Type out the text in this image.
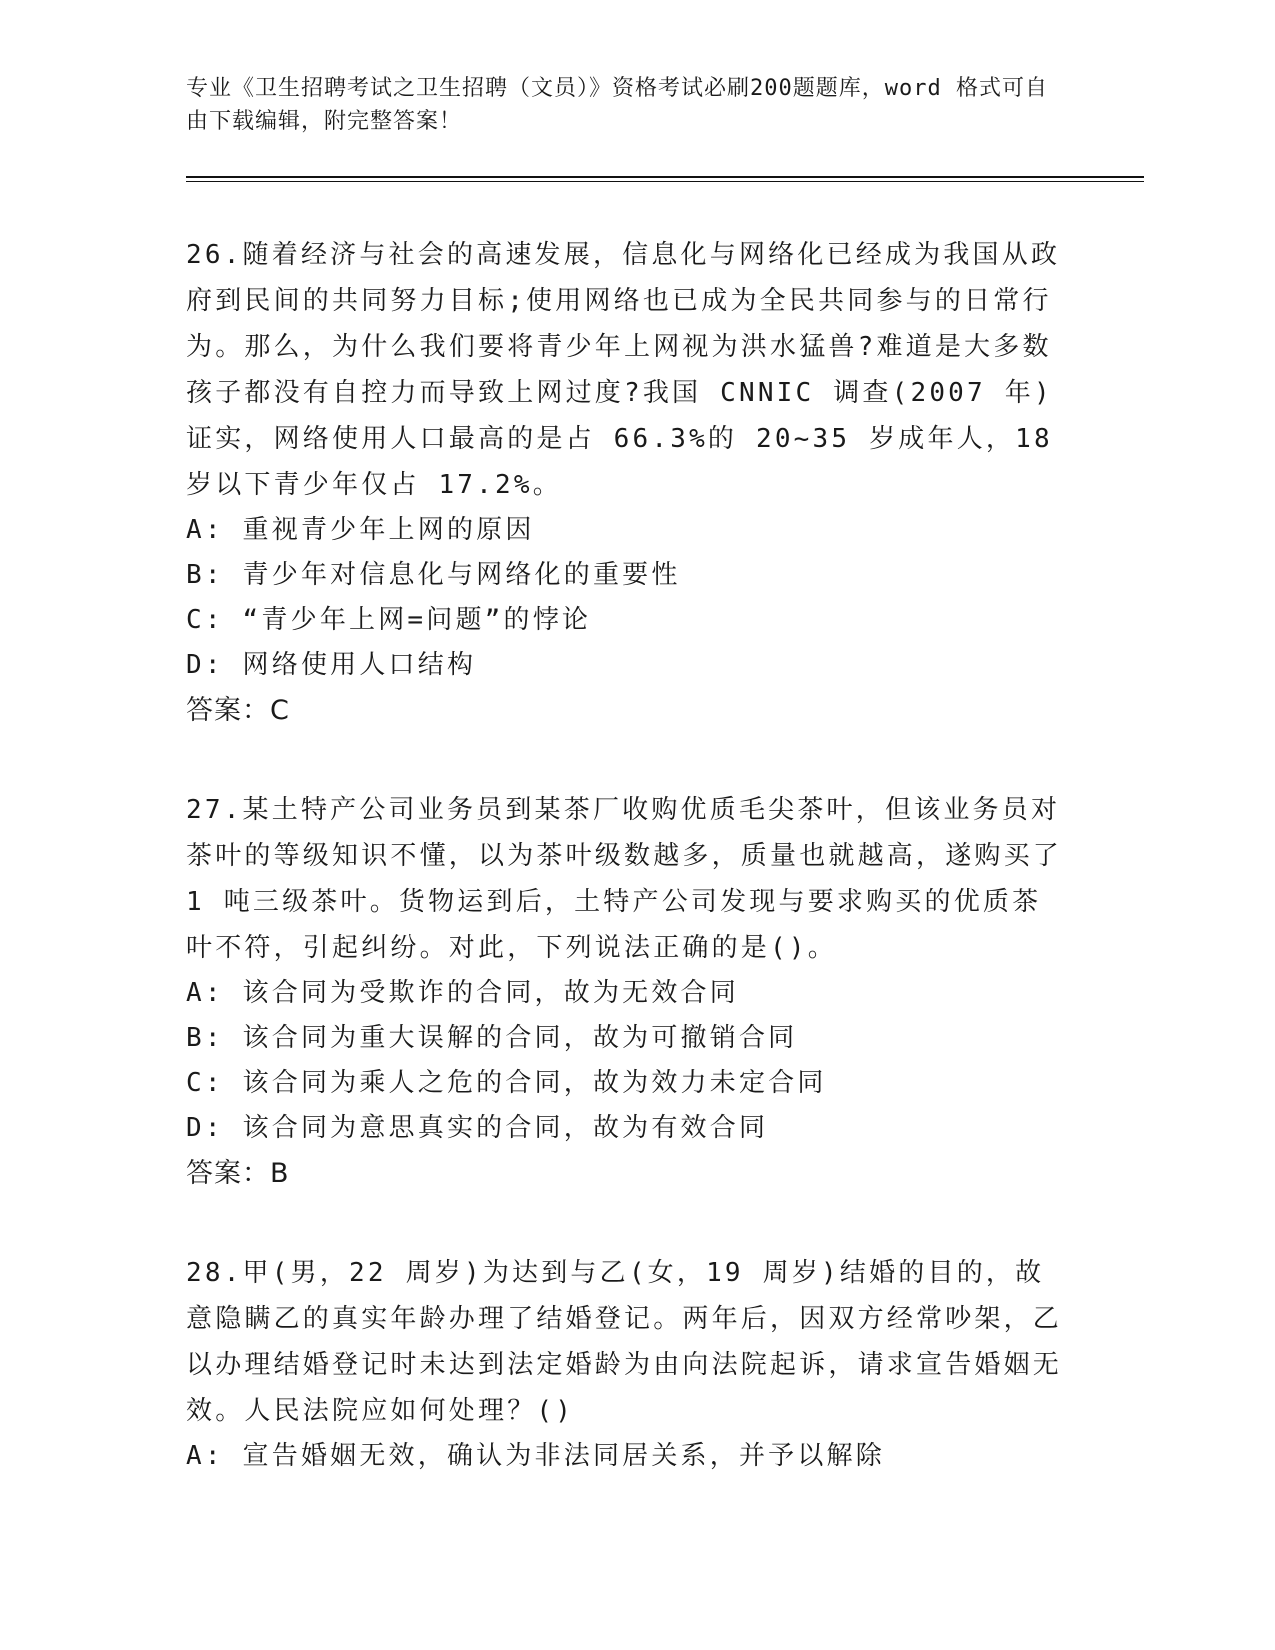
专业《卫生招聘考试之卫生招聘（文员）》资格考试必刷200题题库，word 格式可自由下载编辑，附完整答案！

26.随着经济与社会的高速发展，信息化与网络化已经成为我国从政府到民间的共同努力目标;使用网络也已成为全民共同参与的日常行为。那么，为什么我们要将青少年上网视为洪水猛兽?难道是大多数孩子都没有自控力而导致上网过度?我国 CNNIC 调查(2007 年)证实，网络使用人口最高的是占 66.3%的 20~35 岁成年人，18 岁以下青少年仅占 17.2%。

A: 重视青少年上网的原因

B: 青少年对信息化与网络化的重要性

C: “青少年上网=问题”的悖论

D: 网络使用人口结构

答案：C

27.某土特产公司业务员到某茶厂收购优质毛尖茶叶，但该业务员对茶叶的等级知识不懂，以为茶叶级数越多，质量也就越高，遂购买了 1 吨三级茶叶。货物运到后，土特产公司发现与要求购买的优质茶叶不符，引起纠纷。对此，下列说法正确的是()。

A: 该合同为受欺诈的合同，故为无效合同

B: 该合同为重大误解的合同，故为可撤销合同

C: 该合同为乘人之危的合同，故为效力未定合同

D: 该合同为意思真实的合同，故为有效合同

答案：B

28.甲(男，22 周岁)为达到与乙(女，19 周岁)结婚的目的，故意隐瞒乙的真实年龄办理了结婚登记。两年后，因双方经常吵架，乙以办理结婚登记时未达到法定婚龄为由向法院起诉，请求宣告婚姻无效。人民法院应如何处理？()

A: 宣告婚姻无效，确认为非法同居关系，并予以解除
